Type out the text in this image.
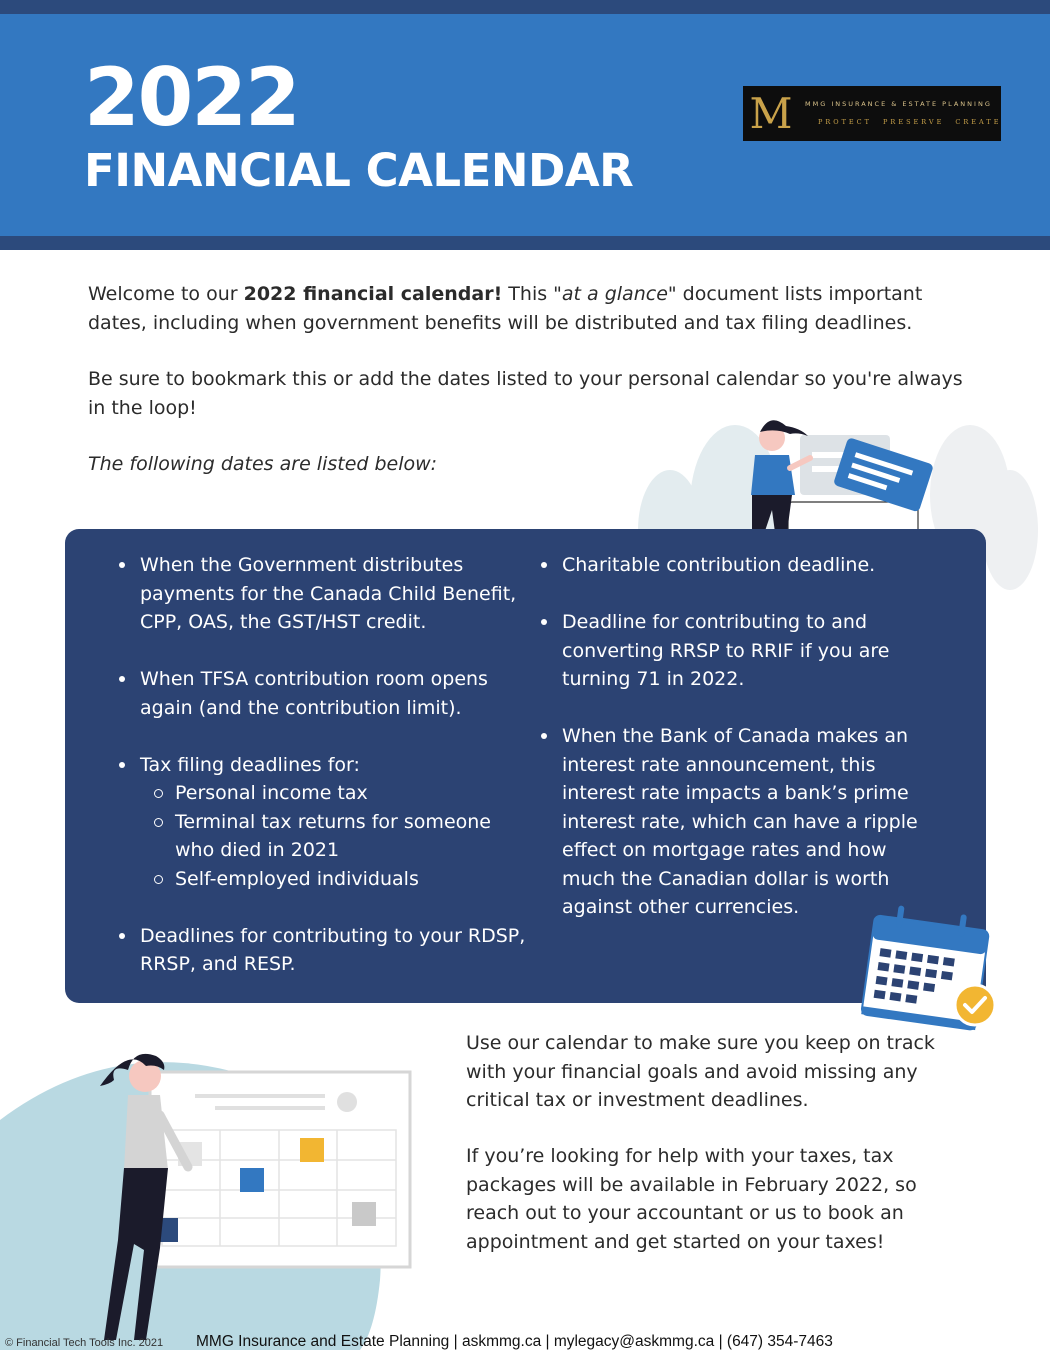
2022
FINANCIAL CALENDAR
M MMG INSURANCE & ESTATE PLANNING
PROTECT PRESERVE CREATE

Welcome to our 2022 financial calendar! This "at a glance" document lists important dates, including when government benefits will be distributed and tax filing deadlines.

Be sure to bookmark this or add the dates listed to your personal calendar so you're always in the loop!

The following dates are listed below:

When the Government distributes payments for the Canada Child Benefit, CPP, OAS, the GST/HST credit.
When TFSA contribution room opens again (and the contribution limit).
Tax filing deadlines for:
Personal income tax
Terminal tax returns for someone who died in 2021
Self-employed individuals
Deadlines for contributing to your RDSP, RRSP, and RESP.
Charitable contribution deadline.
Deadline for contributing to and converting RRSP to RRIF if you are turning 71 in 2022.
When the Bank of Canada makes an interest rate announcement, this interest rate impacts a bank’s prime interest rate, which can have a ripple effect on mortgage rates and how much the Canadian dollar is worth against other currencies.

Use our calendar to make sure you keep on track with your financial goals and avoid missing any critical tax or investment deadlines.

If you’re looking for help with your taxes, tax packages will be available in February 2022, so reach out to your accountant or us to book an appointment and get started on your taxes!

© Financial Tech Tools Inc. 2021 MMG Insurance and Estate Planning | askmmg.ca | mylegacy@askmmg.ca | (647) 354-7463
